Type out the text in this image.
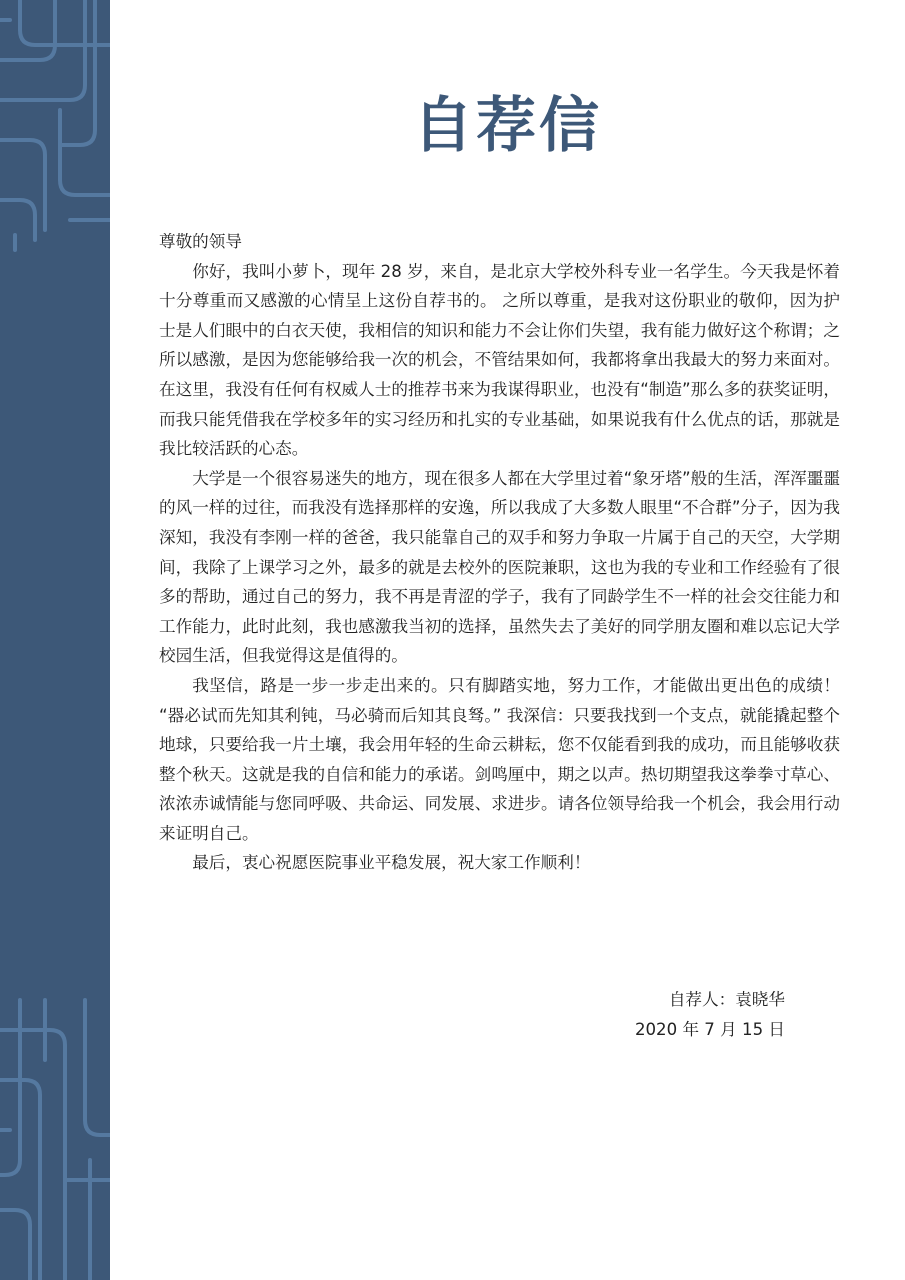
自荐信

尊敬的领导

你好，我叫小萝卜，现年 28 岁，来自，是北京大学校外科专业一名学生。今天我是怀着十分尊重而又感激的心情呈上这份自荐书的。 之所以尊重，是我对这份职业的敬仰，因为护士是人们眼中的白衣天使，我相信的知识和能力不会让你们失望，我有能力做好这个称谓；之所以感激，是因为您能够给我一次的机会，不管结果如何，我都将拿出我最大的努力来面对。在这里，我没有任何有权威人士的推荐书来为我谋得职业，也没有“制造”那么多的获奖证明，而我只能凭借我在学校多年的实习经历和扎实的专业基础，如果说我有什么优点的话，那就是我比较活跃的心态。

大学是一个很容易迷失的地方，现在很多人都在大学里过着“象牙塔”般的生活，浑浑噩噩的风一样的过往，而我没有选择那样的安逸，所以我成了大多数人眼里“不合群”分子，因为我深知，我没有李刚一样的爸爸，我只能靠自己的双手和努力争取一片属于自己的天空，大学期间，我除了上课学习之外，最多的就是去校外的医院兼职，这也为我的专业和工作经验有了很多的帮助，通过自己的努力，我不再是青涩的学子，我有了同龄学生不一样的社会交往能力和工作能力，此时此刻，我也感激我当初的选择，虽然失去了美好的同学朋友圈和难以忘记大学校园生活，但我觉得这是值得的。

我坚信，路是一步一步走出来的。只有脚踏实地，努力工作，才能做出更出色的成绩！ “器必试而先知其利钝，马必骑而后知其良驽。” 我深信：只要我找到一个支点，就能撬起整个地球，只要给我一片土壤，我会用年轻的生命云耕耘，您不仅能看到我的成功，而且能够收获整个秋天。这就是我的自信和能力的承诺。剑鸣厘中，期之以声。热切期望我这拳拳寸草心、浓浓赤诚情能与您同呼吸、共命运、同发展、求进步。请各位领导给我一个机会，我会用行动来证明自己。

最后，衷心祝愿医院事业平稳发展，祝大家工作顺利！

自荐人：袁晓华
2020 年 7 月 15 日
